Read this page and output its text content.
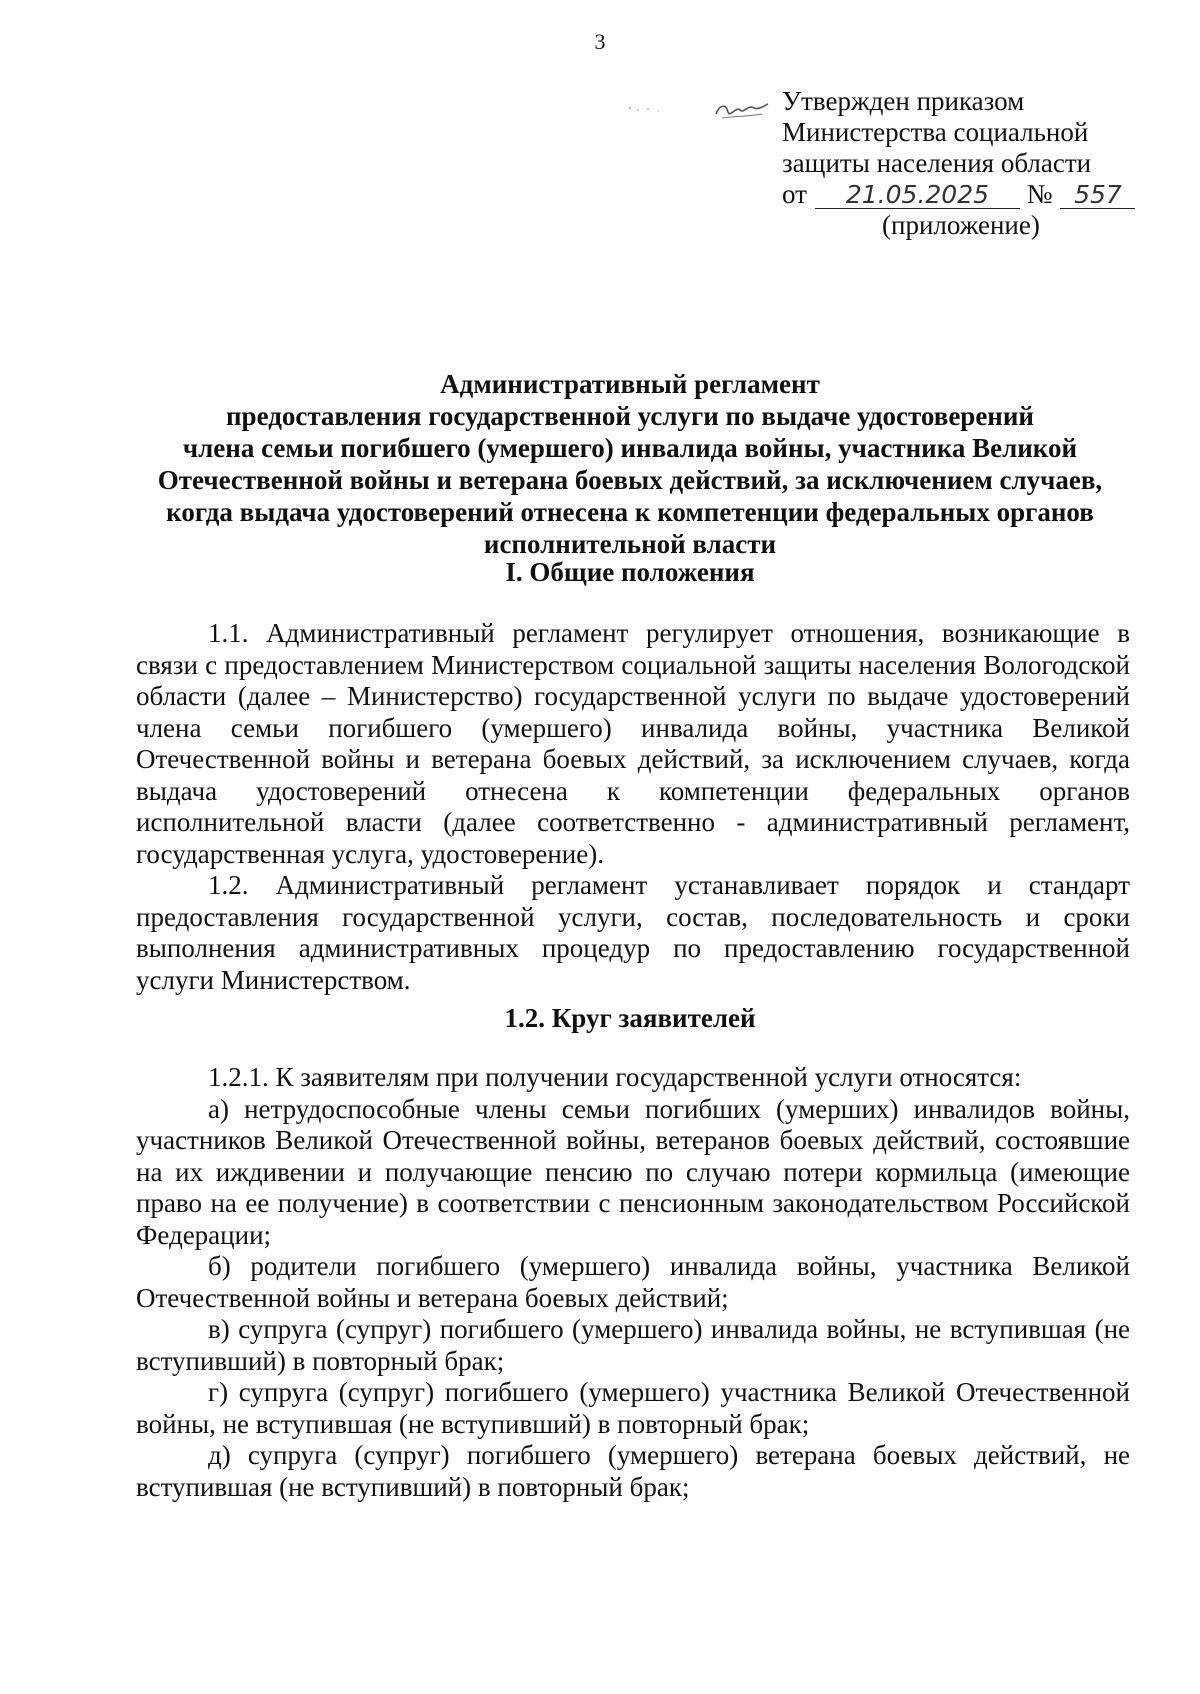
3
Утвержден приказом
Министерства социальной
защиты населения области
от 21.05.2025 № 557
(приложение)
Административный регламент
предоставления государственной услуги по выдаче удостоверений
члена семьи погибшего (умершего) инвалида войны, участника Великой
Отечественной войны и ветерана боевых действий, за исключением случаев,
когда выдача удостоверений отнесена к компетенции федеральных органов
исполнительной власти
I. Общие положения

1.1. Административный регламент регулирует отношения, возникающие в связи с предоставлением Министерством социальной защиты населения Вологодской области (далее – Министерство) государственной услуги по выдаче удостоверений члена семьи погибшего (умершего) инвалида войны, участника Великой Отечественной войны и ветерана боевых действий, за исключением случаев, когда выдача удостоверений отнесена к компетенции федеральных органов исполнительной власти (далее соответственно - административный регламент, государственная услуга, удостоверение).

1.2. Административный регламент устанавливает порядок и стандарт предоставления государственной услуги, состав, последовательность и сроки выполнения административных процедур по предоставлению государственной услуги Министерством.

1.2. Круг заявителей

1.2.1. К заявителям при получении государственной услуги относятся:

а) нетрудоспособные члены семьи погибших (умерших) инвалидов войны, участников Великой Отечественной войны, ветеранов боевых действий, состоявшие на их иждивении и получающие пенсию по случаю потери кормильца (имеющие право на ее получение) в соответствии с пенсионным законодательством Российской Федерации;

б) родители погибшего (умершего) инвалида войны, участника Великой Отечественной войны и ветерана боевых действий;

в) супруга (супруг) погибшего (умершего) инвалида войны, не вступившая (не вступивший) в повторный брак;

г) супруга (супруг) погибшего (умершего) участника Великой Отечественной войны, не вступившая (не вступивший) в повторный брак;

д) супруга (супруг) погибшего (умершего) ветерана боевых действий, не вступившая (не вступивший) в повторный брак;
